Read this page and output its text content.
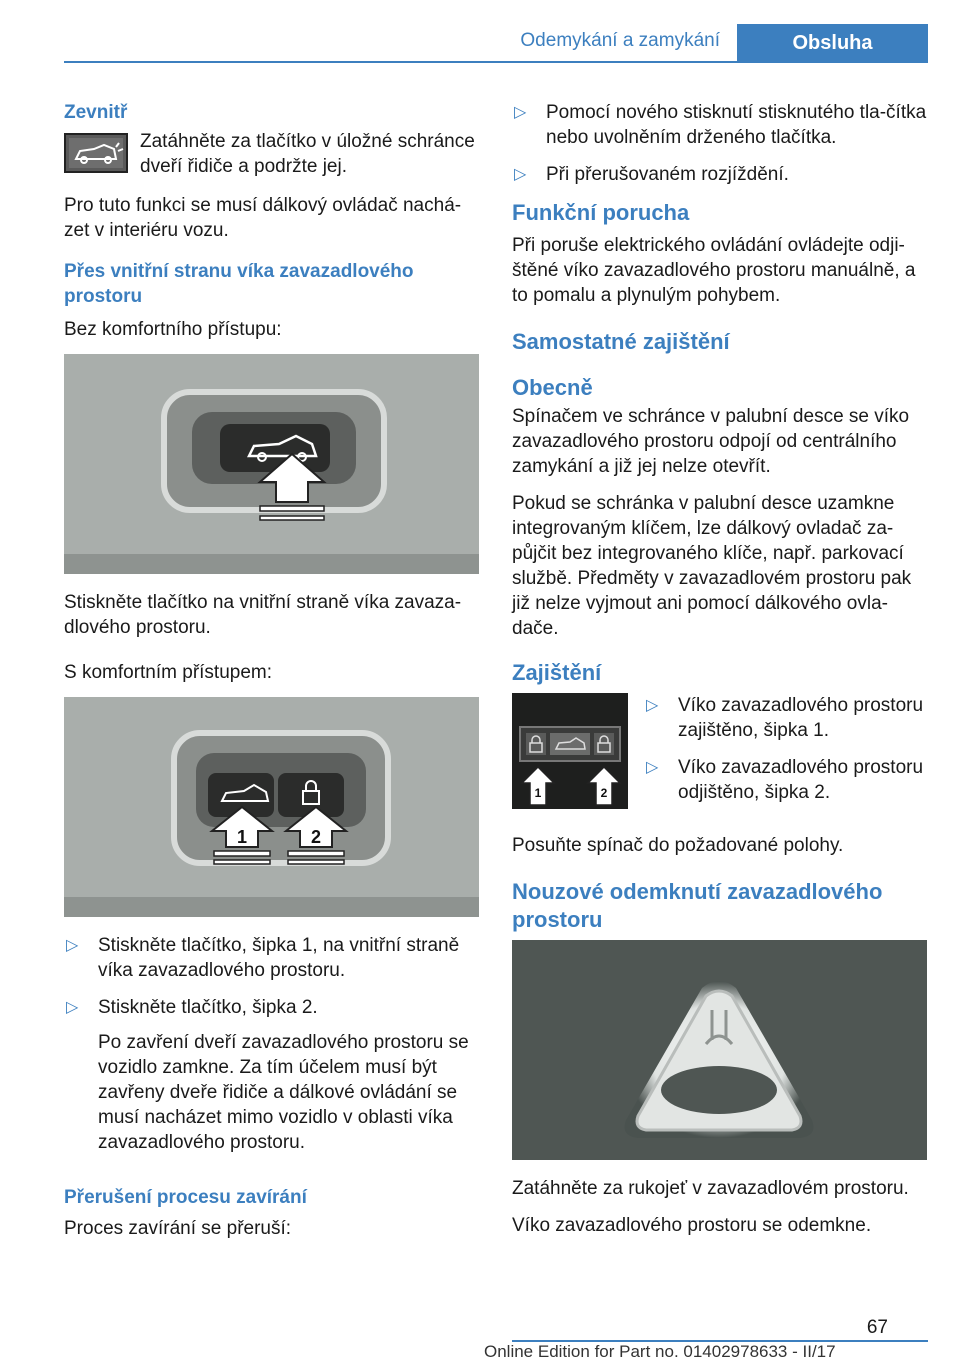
Odemykání a zamykání	Obsluha
Zevnitř
Zatáhněte za tlačítko v úložné schránce dveří řidiče a podržte jej.

Pro tuto funkci se musí dálkový ovládač nachá-zet v interiéru vozu.

Přes vnitřní stranu víka zavazadlového prostoru

Bez komfortního přístupu:

Stiskněte tlačítko na vnitřní straně víka zavaza-dlového prostoru.

S komfortním přístupem:

1	2
▷ Stiskněte tlačítko, šipka 1, na vnitřní straně víka zavazadlového prostoru.
▷ Stiskněte tlačítko, šipka 2.
Po zavření dveří zavazadlového prostoru se vozidlo zamkne. Za tím účelem musí být zavřeny dveře řidiče a dálkové ovládání se musí nacházet mimo vozidlo v oblasti víka zavazadlového prostoru.
Přerušení procesu zavírání

Proces zavírání se přeruší:

▷ Pomocí nového stisknutí stisknutého tla-čítka nebo uvolněním drženého tlačítka.
▷ Při přerušovaném rozjíždění.
Funkční porucha

Při poruše elektrického ovládání ovládejte odji-štěné víko zavazadlového prostoru manuálně, a to pomalu a plynulým pohybem.

Samostatné zajištění
Obecně

Spínačem ve schránce v palubní desce se víko zavazadlového prostoru odpojí od centrálního zamykání a již jej nelze otevřít.

Pokud se schránka v palubní desce uzamkne integrovaným klíčem, lze dálkový ovladač za-půjčit bez integrovaného klíče, např. parkovací službě. Předměty v zavazadlovém prostoru pak již nelze vyjmout ani pomocí dálkového ovla-dače.

Zajištění
1	2
▷ Víko zavazadlového prostoru zajištěno, šipka 1.
▷ Víko zavazadlového prostoru odjištěno, šipka 2.

Posuňte spínač do požadované polohy.

Nouzové odemknutí zavazadlového prostoru

Zatáhněte za rukojeť v zavazadlovém prostoru.

Víko zavazadlového prostoru se odemkne.

67
Online Edition for Part no. 01402978633 - II/17
